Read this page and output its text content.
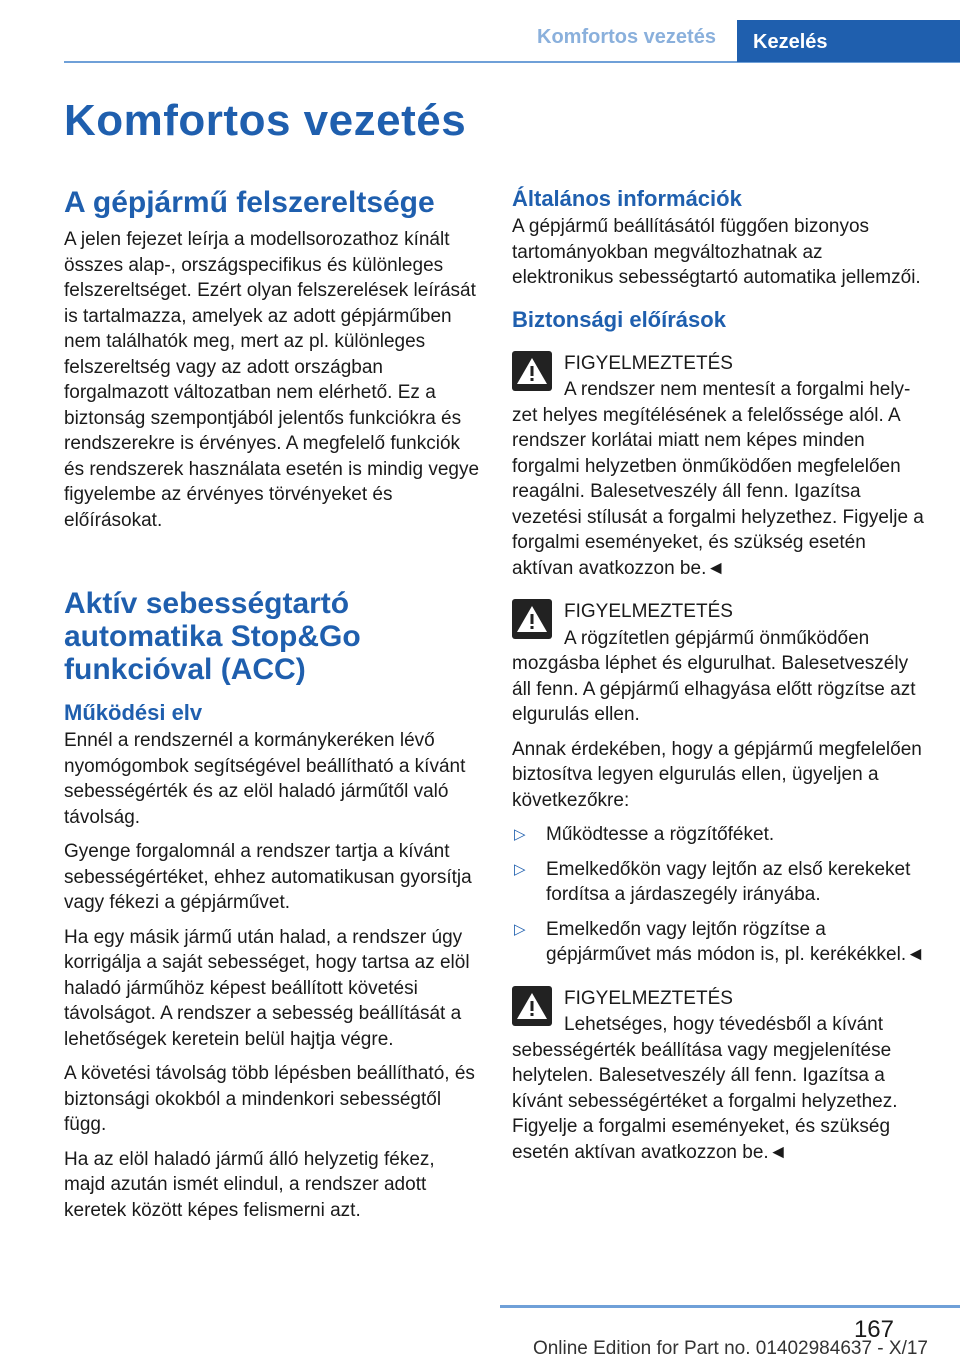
Komfortos vezetés	Kezelés
Komfortos vezetés
A gépjármű felszereltsége

A jelen fejezet leírja a modellsorozathoz kínált összes alap-, országspecifikus és különleges felszereltséget. Ezért olyan felszerelések leírását is tartalmazza, amelyek az adott gépjárműben nem találhatók meg, mert az pl. különleges felszereltség vagy az adott országban forgalmazott változatban nem elérhető. Ez a biztonság szempontjából jelentős funkciókra és rendszerekre is érvényes. A megfelelő funkciók és rendszerek használata esetén is mindig vegye figyelembe az érvényes törvényeket és előírásokat.

Aktív sebességtartó automatika Stop&Go funkcióval (ACC)
Működési elv

Ennél a rendszernél a kormánykeréken lévő nyomógombok segítségével beállítható a kívánt sebességérték és az elöl haladó járműtől való távolság.

Gyenge forgalomnál a rendszer tartja a kívánt sebességértéket, ehhez automatikusan gyorsítja vagy fékezi a gépjárművet.

Ha egy másik jármű után halad, a rendszer úgy korrigálja a saját sebességet, hogy tartsa az elöl haladó járműhöz képest beállított követési távolságot. A rendszer a sebesség beállítását a lehetőségek keretein belül hajtja végre.

A követési távolság több lépésben beállítható, és biztonsági okokból a mindenkori sebességtől függ.

Ha az elöl haladó jármű álló helyzetig fékez, majd azután ismét elindul, a rendszer adott keretek között képes felismerni azt.

Általános információk

A gépjármű beállításától függően bizonyos tartományokban megváltozhatnak az elektronikus sebességtartó automatika jellemzői.

Biztonsági előírások
FIGYELMEZTETÉS

A rendszer nem mentesít a forgalmi hely-
zet helyes megítélésének a felelőssége alól. A rendszer korlátai miatt nem képes minden forgalmi helyzetben önműködően megfelelően reagálni. Balesetveszély áll fenn. Igazítsa vezetési stílusát a forgalmi helyzethez. Figyelje a forgalmi eseményeket, és szükség esetén aktívan avatkozzon be.◄

FIGYELMEZTETÉS

A rögzítetlen gépjármű önműködően
mozgásba léphet és elgurulhat. Balesetveszély áll fenn. A gépjármű elhagyása előtt rögzítse azt elgurulás ellen.

Annak érdekében, hogy a gépjármű megfelelően biztosítva legyen elgurulás ellen, ügyeljen a következőkre:

▷ Működtesse a rögzítőféket.
▷ Emelkedőkön vagy lejtőn az első kerekeket fordítsa a járdaszegély irányába.
▷ Emelkedőn vagy lejtőn rögzítse a gépjárművet más módon is, pl. kerékékkel.◄
FIGYELMEZTETÉS

Lehetséges, hogy tévedésből a kívánt
sebességérték beállítása vagy megjelenítése helytelen. Balesetveszély áll fenn. Igazítsa a kívánt sebességértéket a forgalmi helyzethez. Figyelje a forgalmi eseményeket, és szükség esetén aktívan avatkozzon be.◄

167
Online Edition for Part no. 01402984637 - X/17
